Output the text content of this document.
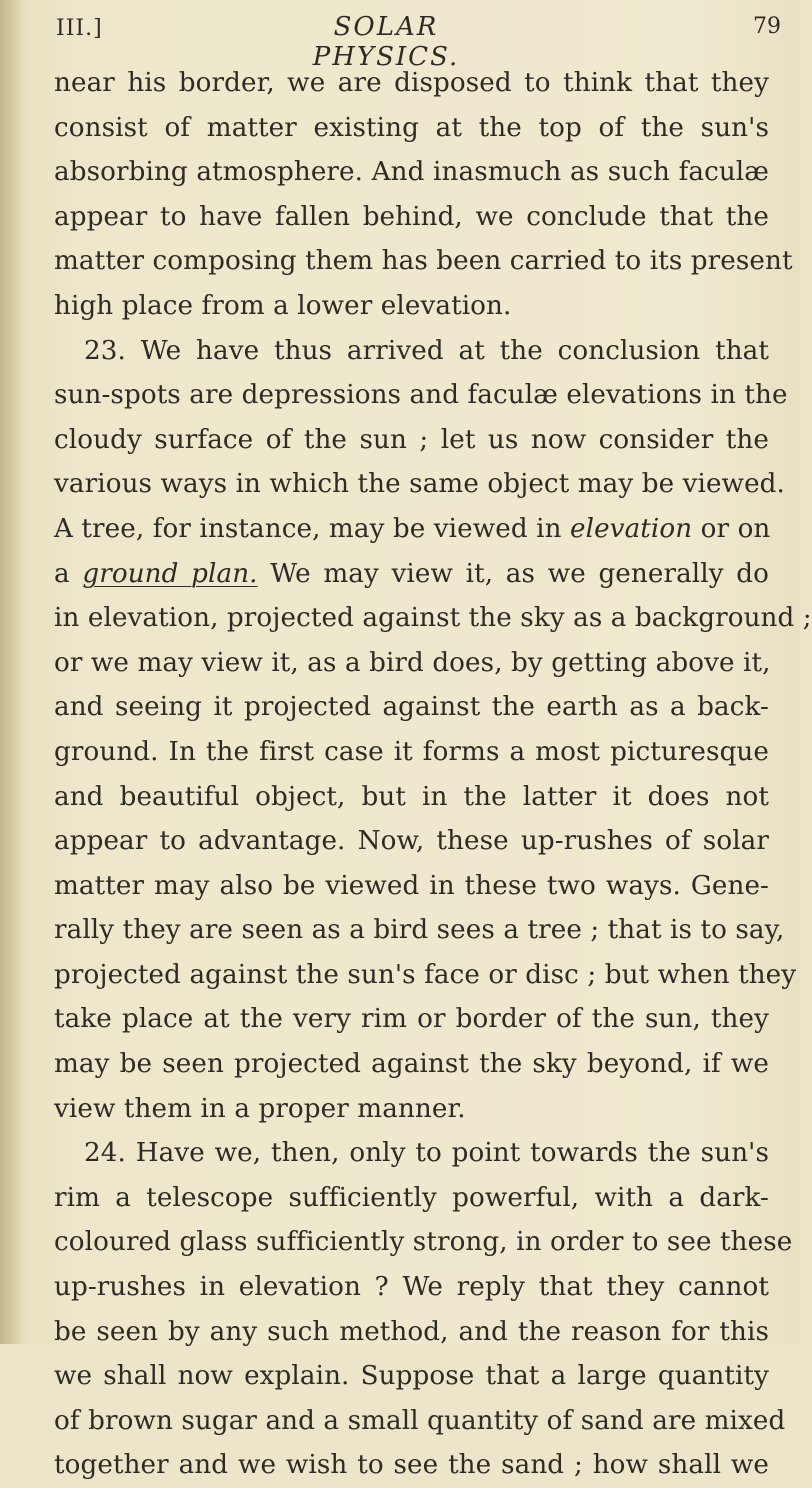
III.]	SOLAR PHYSICS.
79
near his border, we are disposed to think that they
consist of matter existing at the top of the sun's
absorbing atmosphere. And inasmuch as such faculæ
appear to have fallen behind, we conclude that the
matter composing them has been carried to its present
high place from a lower elevation.
23. We have thus arrived at the conclusion that
sun-spots are depressions and faculæ elevations in the
cloudy surface of the sun ; let us now consider the
various ways in which the same object may be viewed.
A tree, for instance, may be viewed in elevation or on
a ground plan. We may view it, as we generally do
in elevation, projected against the sky as a background ;
or we may view it, as a bird does, by getting above it,
and seeing it projected against the earth as a back-
ground. In the first case it forms a most picturesque
and beautiful object, but in the latter it does not
appear to advantage. Now, these up-rushes of solar
matter may also be viewed in these two ways. Gene-
rally they are seen as a bird sees a tree ; that is to say,
projected against the sun's face or disc ; but when they
take place at the very rim or border of the sun, they
may be seen projected against the sky beyond, if we
view them in a proper manner.
24. Have we, then, only to point towards the sun's
rim a telescope sufficiently powerful, with a dark-
coloured glass sufficiently strong, in order to see these
up-rushes in elevation ? We reply that they cannot
be seen by any such method, and the reason for this
we shall now explain. Suppose that a large quantity
of brown sugar and a small quantity of sand are mixed
together and we wish to see the sand ; how shall we
